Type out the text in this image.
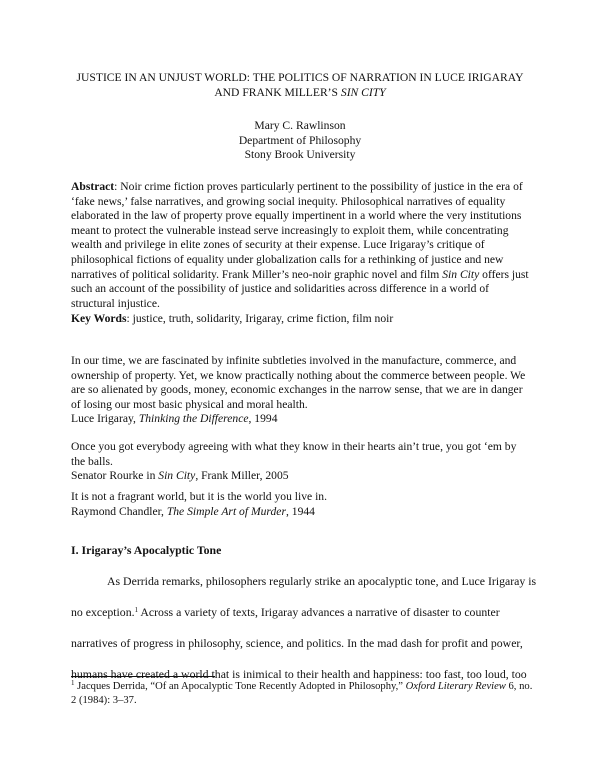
JUSTICE IN AN UNJUST WORLD: THE POLITICS OF NARRATION IN LUCE IRIGARAY
AND FRANK MILLER’S SIN CITY
Mary C. Rawlinson
Department of Philosophy
Stony Brook University
Abstract: Noir crime fiction proves particularly pertinent to the possibility of justice in the era of ‘fake news,’ false narratives, and growing social inequity. Philosophical narratives of equality elaborated in the law of property prove equally impertinent in a world where the very institutions meant to protect the vulnerable instead serve increasingly to exploit them, while concentrating wealth and privilege in elite zones of security at their expense. Luce Irigaray’s critique of philosophical fictions of equality under globalization calls for a rethinking of justice and new narratives of political solidarity. Frank Miller’s neo-noir graphic novel and film Sin City offers just such an account of the possibility of justice and solidarities across difference in a world of structural injustice.
Key Words: justice, truth, solidarity, Irigaray, crime fiction, film noir
In our time, we are fascinated by infinite subtleties involved in the manufacture, commerce, and ownership of property. Yet, we know practically nothing about the commerce between people. We are so alienated by goods, money, economic exchanges in the narrow sense, that we are in danger of losing our most basic physical and moral health.
Luce Irigaray, Thinking the Difference, 1994
Once you got everybody agreeing with what they know in their hearts ain’t true, you got ‘em by the balls.
Senator Rourke in Sin City, Frank Miller, 2005
It is not a fragrant world, but it is the world you live in.
Raymond Chandler, The Simple Art of Murder, 1944
I. Irigaray’s Apocalyptic Tone
As Derrida remarks, philosophers regularly strike an apocalyptic tone, and Luce Irigaray is no exception.$^1$ Across a variety of texts, Irigaray advances a narrative of disaster to counter narratives of progress in philosophy, science, and politics. In the mad dash for profit and power, humans have created a world that is inimical to their health and happiness: too fast, too loud, too
$^1$ Jacques Derrida, “Of an Apocalyptic Tone Recently Adopted in Philosophy,” Oxford Literary Review 6, no. 2 (1984): 3–37.
